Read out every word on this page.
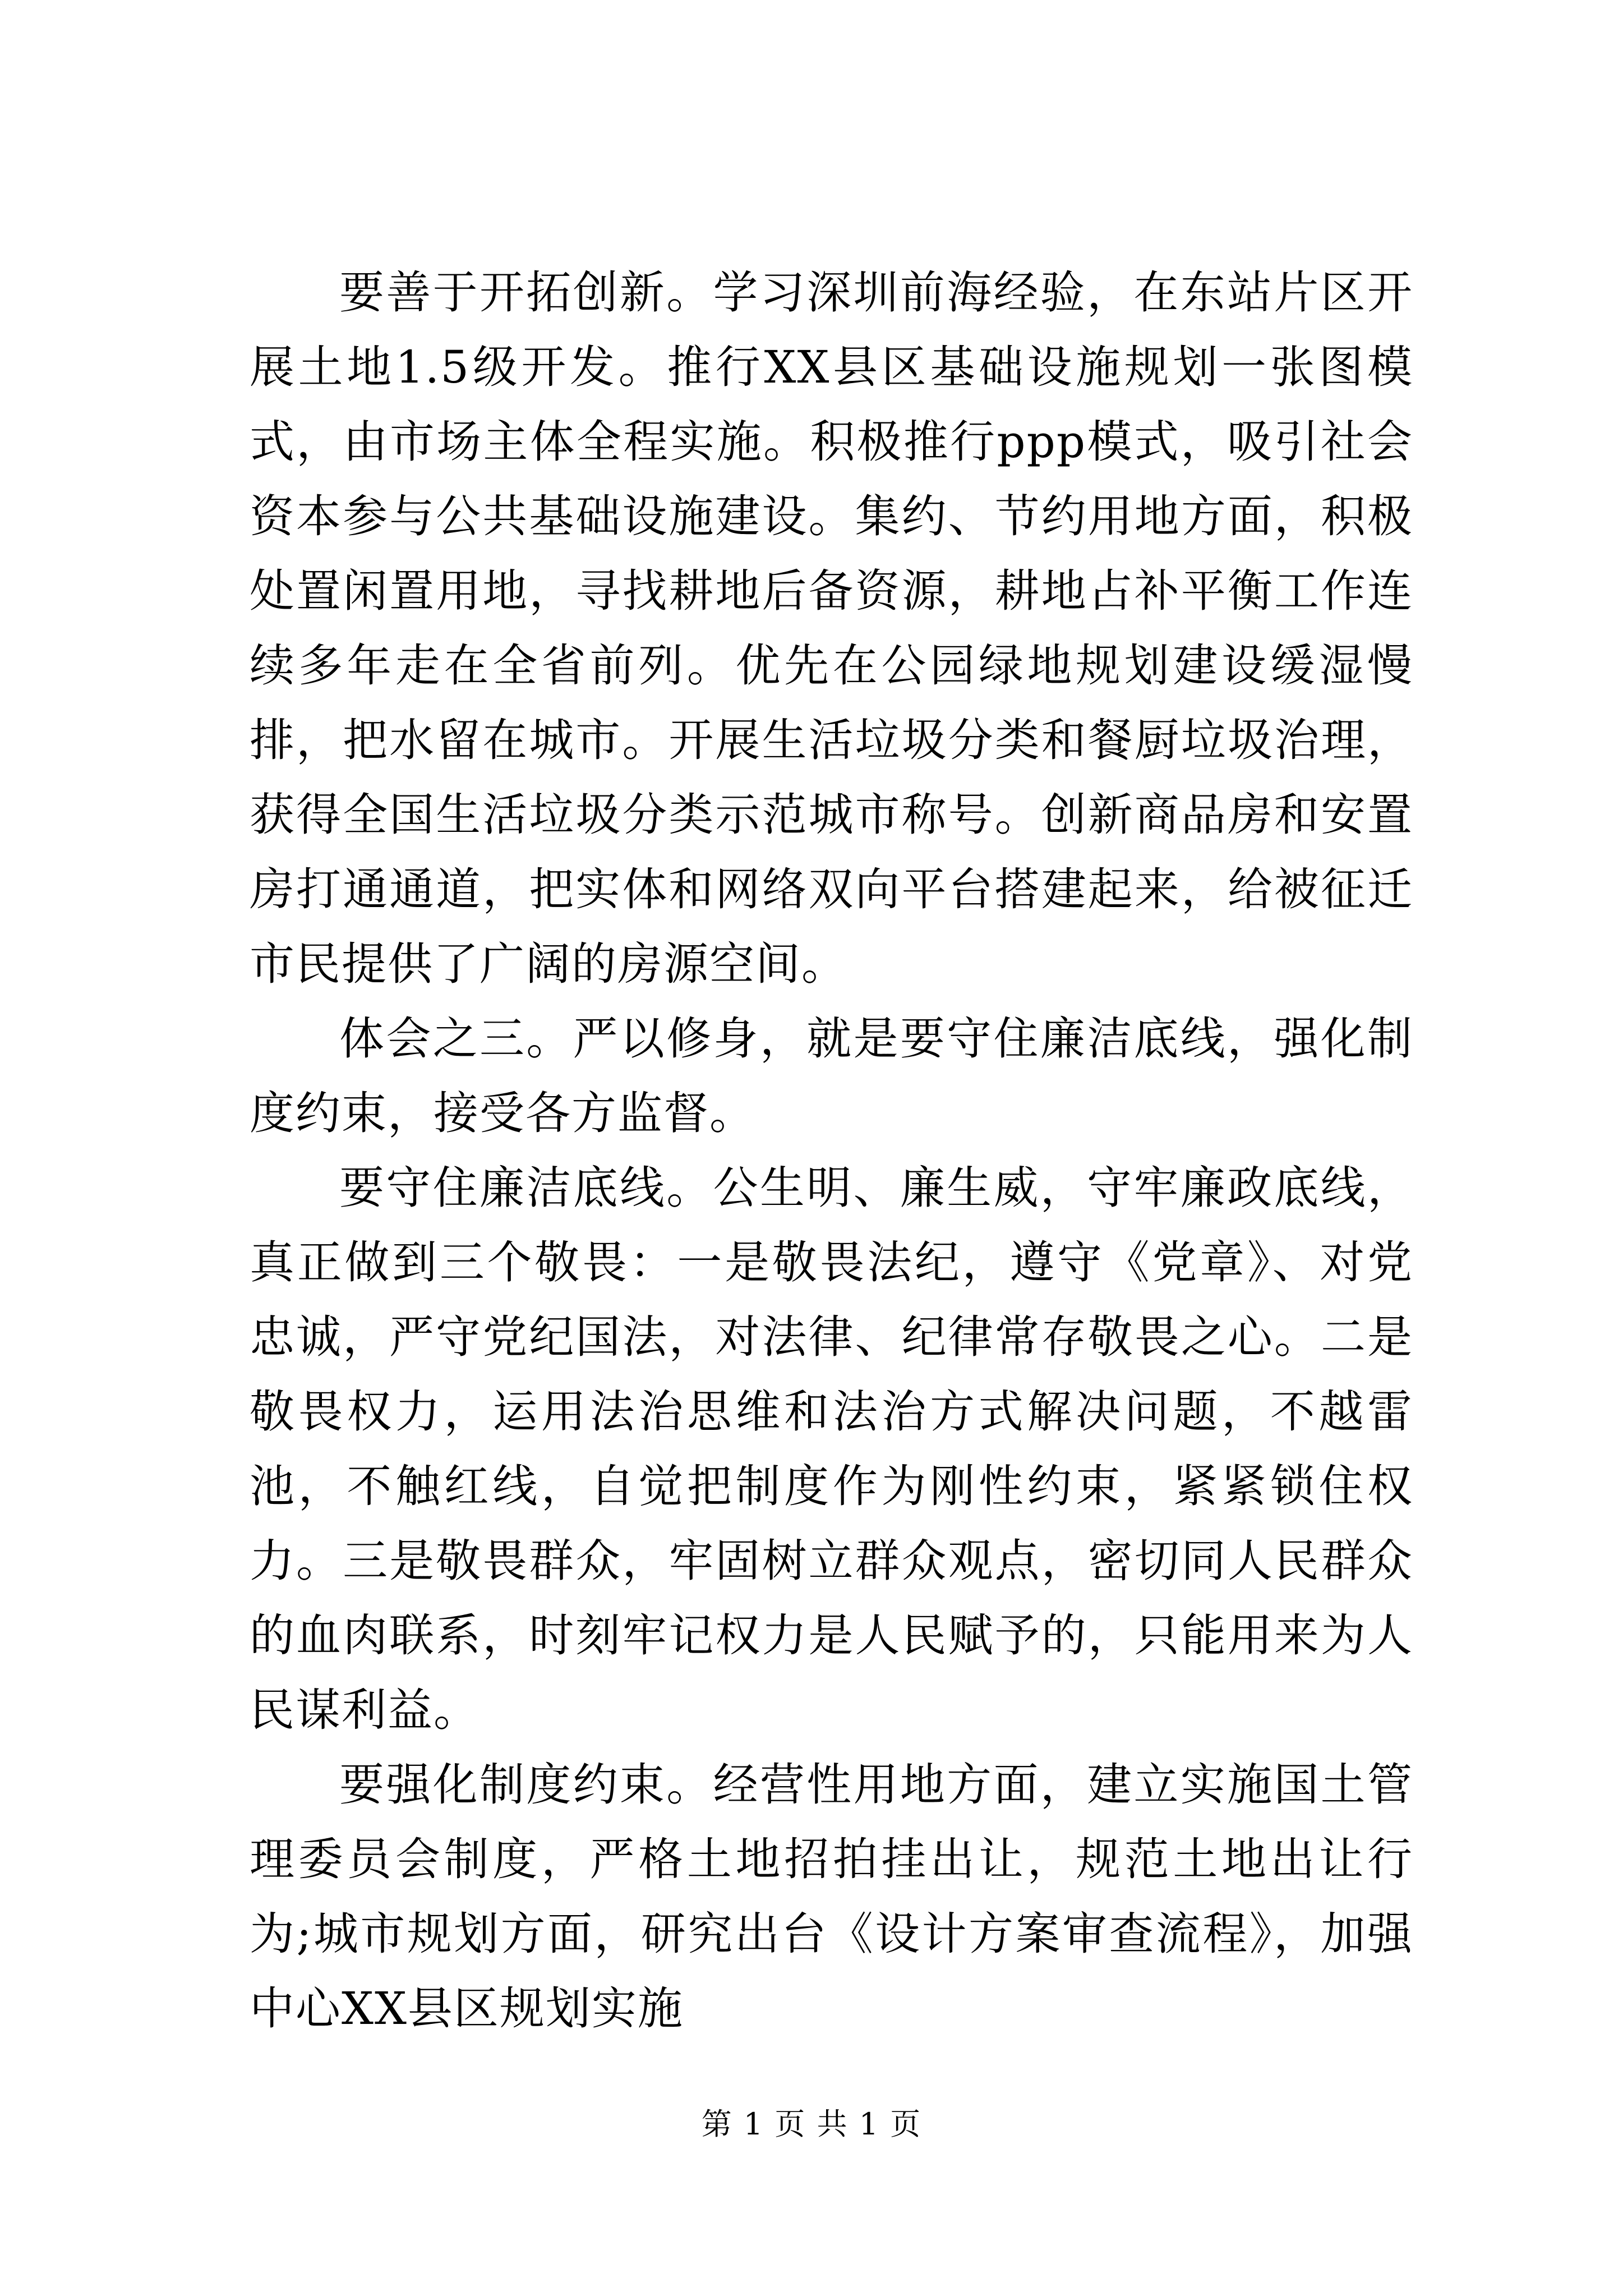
要善于开拓创新。学习深圳前海经验，在东站片区开展土地1.5级开发。推行XX县区基础设施规划一张图模式，由市场主体全程实施。积极推行ppp模式，吸引社会资本参与公共基础设施建设。集约、节约用地方面，积极处置闲置用地，寻找耕地后备资源，耕地占补平衡工作连续多年走在全省前列。优先在公园绿地规划建设缓湿慢排，把水留在城市。开展生活垃圾分类和餐厨垃圾治理，获得全国生活垃圾分类示范城市称号。创新商品房和安置房打通通道，把实体和网络双向平台搭建起来，给被征迁市民提供了广阔的房源空间。

体会之三。严以修身，就是要守住廉洁底线，强化制度约束，接受各方监督。

要守住廉洁底线。公生明、廉生威，守牢廉政底线，真正做到三个敬畏：一是敬畏法纪，遵守《党章》、对党忠诚，严守党纪国法，对法律、纪律常存敬畏之心。二是敬畏权力，运用法治思维和法治方式解决问题，不越雷池，不触红线，自觉把制度作为刚性约束，紧紧锁住权力。三是敬畏群众，牢固树立群众观点，密切同人民群众的血肉联系，时刻牢记权力是人民赋予的，只能用来为人民谋利益。

要强化制度约束。经营性用地方面，建立实施国土管理委员会制度，严格土地招拍挂出让，规范土地出让行为;城市规划方面，研究出台《设计方案审查流程》，加强中心XX县区规划实施

第 1 页 共 1 页
